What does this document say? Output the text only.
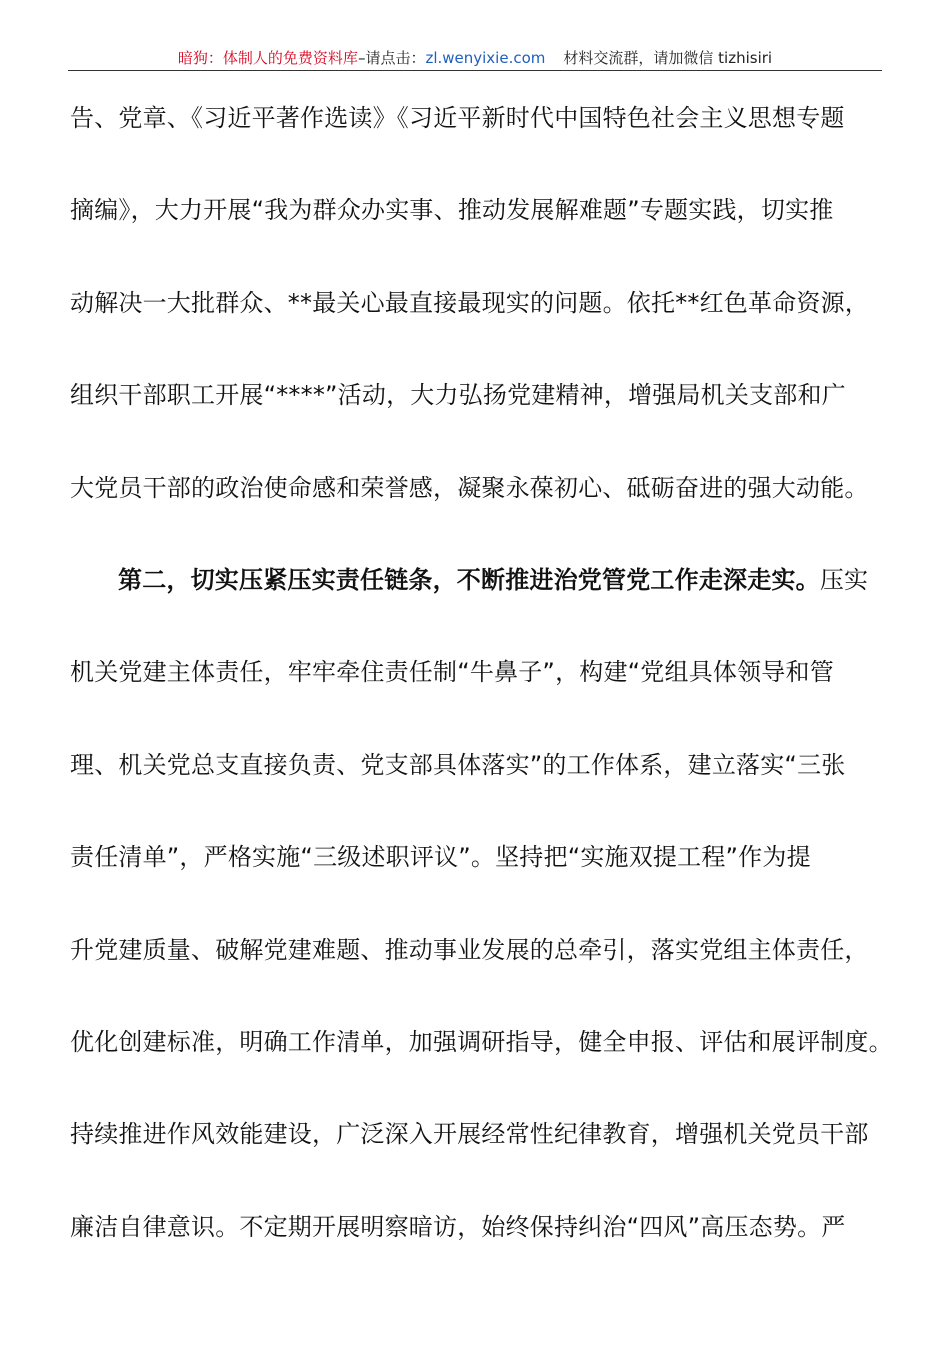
暗狗：体制人的免费资料库–请点击：zl.wenyixie.com 材料交流群，请加微信 tizhisiri
告、党章、《习近平著作选读》《习近平新时代中国特色社会主义思想专题
摘编》，大力开展“我为群众办实事、推动发展解难题”专题实践，切实推
动解决一大批群众、**最关心最直接最现实的问题。依托**红色革命资源，
组织干部职工开展“****”活动，大力弘扬党建精神，增强局机关支部和广
大党员干部的政治使命感和荣誉感，凝聚永葆初心、砥砺奋进的强大动能。
第二，切实压紧压实责任链条，不断推进治党管党工作走深走实。压实
机关党建主体责任，牢牢牵住责任制“牛鼻子”，构建“党组具体领导和管
理、机关党总支直接负责、党支部具体落实”的工作体系，建立落实“三张
责任清单”，严格实施“三级述职评议”。坚持把“实施双提工程”作为提
升党建质量、破解党建难题、推动事业发展的总牵引，落实党组主体责任，
优化创建标准，明确工作清单，加强调研指导，健全申报、评估和展评制度。
持续推进作风效能建设，广泛深入开展经常性纪律教育，增强机关党员干部
廉洁自律意识。不定期开展明察暗访，始终保持纠治“四风”高压态势。严
